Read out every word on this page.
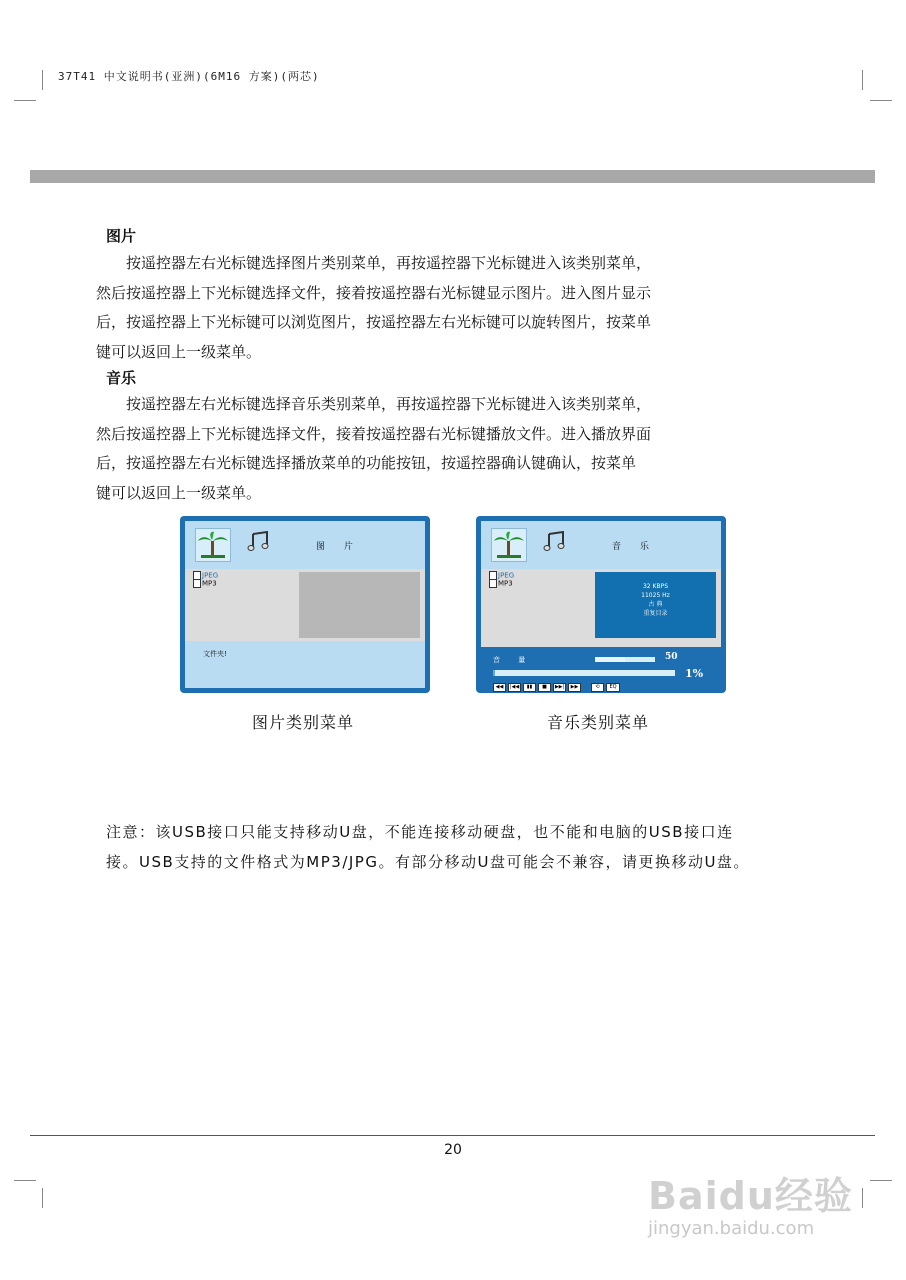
37T41 中文说明书(亚洲)(6M16 方案)(两芯)
图片

按遥控器左右光标键选择图片类别菜单，再按遥控器下光标键进入该类别菜单，

然后按遥控器上下光标键选择文件，接着按遥控器右光标键显示图片。进入图片显示

后，按遥控器上下光标键可以浏览图片，按遥控器左右光标键可以旋转图片，按菜单

键可以返回上一级菜单。

音乐

按遥控器左右光标键选择音乐类别菜单，再按遥控器下光标键进入该类别菜单，

然后按遥控器上下光标键选择文件，接着按遥控器右光标键播放文件。进入播放界面

后，按遥控器左右光标键选择播放菜单的功能按钮，按遥控器确认键确认，按菜单

键可以返回上一级菜单。

图 片
JPEG
MP3
文件夹!
图片类别菜单
音 乐
JPEG
MP3	32 KBPS
11025 Hz
古 典
重复目录
音 量	50
1%
◀◀	|◀◀	▮▮	■	▶▶|	▶▶	⟲	EQ
音乐类别菜单

注意：该USB接口只能支持移动U盘，不能连接移动硬盘，也不能和电脑的USB接口连

接。USB支持的文件格式为MP3/JPG。有部分移动U盘可能会不兼容，请更换移动U盘。

20
Baidu经验
jingyan.baidu.com
